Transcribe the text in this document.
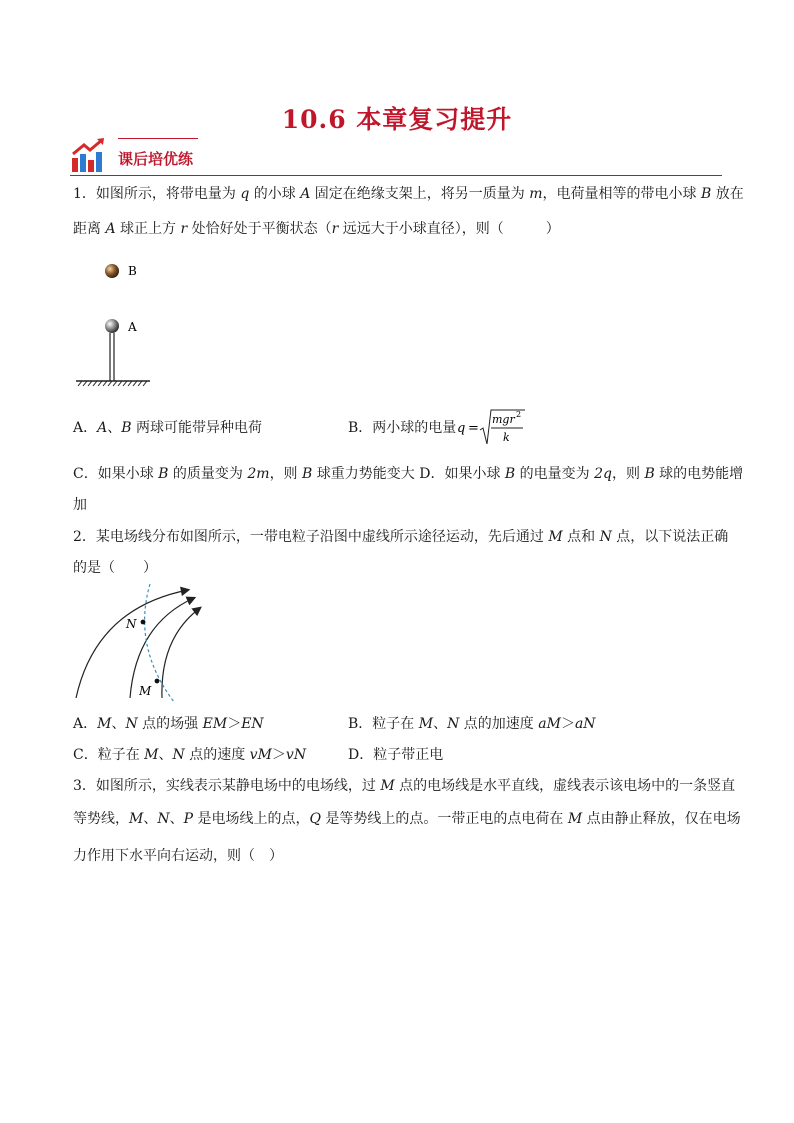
10.6 本章复习提升
课后培优练
1．如图所示，将带电量为 q 的小球 A 固定在绝缘支架上，将另一质量为 m，电荷量相等的带电小球 B 放在
距离 A 球正上方 r 处恰好处于平衡状态（r 远远大于小球直径），则（　　　）
B
A
A．A、B 两球可能带异种电荷	B．两小球的电量 q =
mgr 2
k
C．如果小球 B 的质量变为 2m，则 B 球重力势能变大 D．如果小球 B 的电量变为 2q，则 B 球的电势能增
加
2．某电场线分布如图所示，一带电粒子沿图中虚线所示途径运动，先后通过 M 点和 N 点，以下说法正确
的是（　　）
N
M
A．M、N 点的场强 EM＞EN	B．粒子在 M、N 点的加速度 aM＞aN
C．粒子在 M、N 点的速度 vM＞vN	D．粒子带正电
3．如图所示，实线表示某静电场中的电场线，过 M 点的电场线是水平直线，虚线表示该电场中的一条竖直
等势线，M、N、P 是电场线上的点，Q 是等势线上的点。一带正电的点电荷在 M 点由静止释放，仅在电场
力作用下水平向右运动，则（　）
